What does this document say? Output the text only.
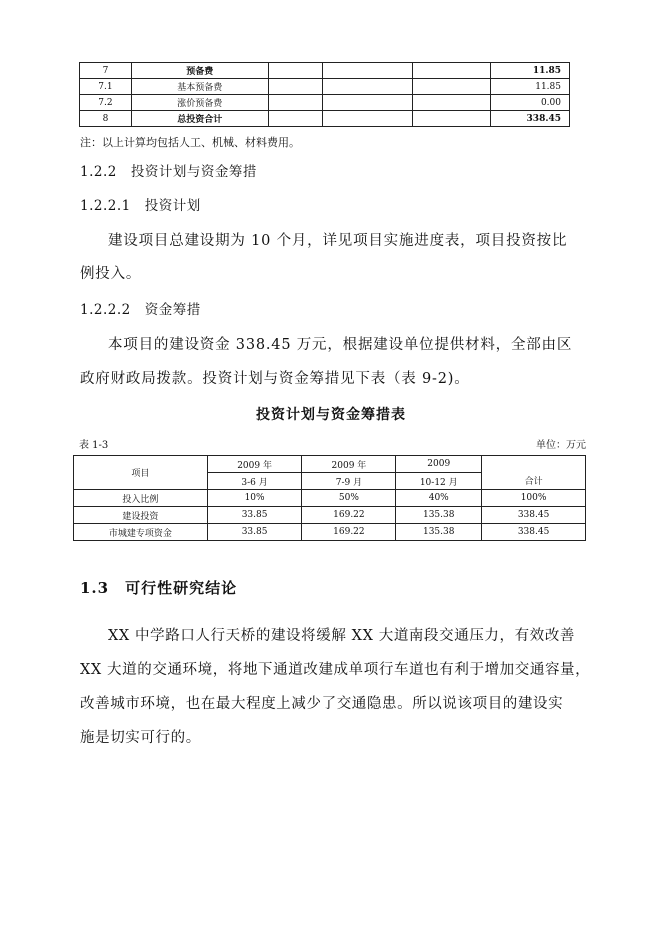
7	预备费				11.85
7.1	基本预备费				11.85
7.2	涨价预备费				0.00
8	总投资合计				338.45
注：以上计算均包括人工、机械、材料费用。
1.2.2　投资计划与资金筹措
1.2.2.1　投资计划
建设项目总建设期为 10 个月，详见项目实施进度表，项目投资按比
例投入。
1.2.2.2　资金筹措
本项目的建设资金 338.45 万元，根据建设单位提供材料，全部由区
政府财政局拨款。投资计划与资金筹措见下表（表 9-2)。
投资计划与资金筹措表
表 1-3	单位：万元
项目	2009 年	2009 年	2009	合计
	3-6 月	7-9 月	10-12 月	
投入比例	10%	50%	40%	100%
建设投资	33.85	169.22	135.38	338.45
市城建专项资金	33.85	169.22	135.38	338.45
1.3　可行性研究结论
XX 中学路口人行天桥的建设将缓解 XX 大道南段交通压力，有效改善
XX 大道的交通环境，将地下通道改建成单项行车道也有利于增加交通容量，
改善城市环境，也在最大程度上减少了交通隐患。所以说该项目的建设实
施是切实可行的。
